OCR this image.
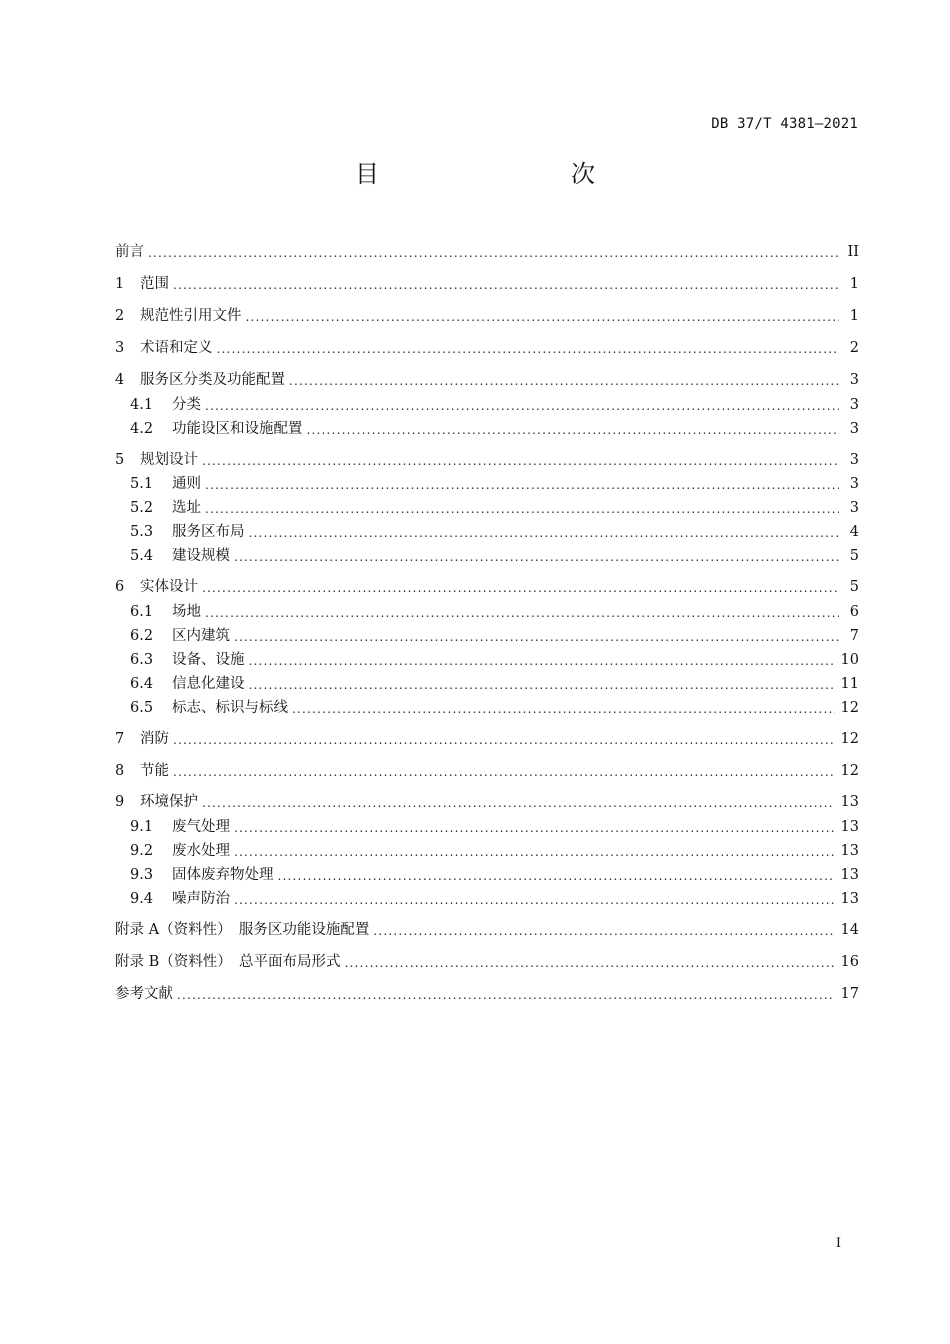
DB 37/T 4381—2021
目　　次
前言 .....	II
1	范围 .....	1
2	规范性引用文件 .....	1
3	术语和定义 .....	2
4	服务区分类及功能配置 .....	3
4.1	分类 .....	3
4.2	功能设区和设施配置 .....	3
5	规划设计 .....	3
5.1	通则 .....	3
5.2	选址 .....	3
5.3	服务区布局 .....	4
5.4	建设规模 .....	5
6	实体设计 .....	5
6.1	场地 .....	6
6.2	区内建筑 .....	7
6.3	设备、设施 .....	10
6.4	信息化建设 .....	11
6.5	标志、标识与标线 .....	12
7	消防 .....	12
8	节能 .....	12
9	环境保护 .....	13
9.1	废气处理 .....	13
9.2	废水处理 .....	13
9.3	固体废弃物处理 .....	13
9.4	噪声防治 .....	13
附录 A（资料性）　服务区功能设施配置 .....	14
附录 B（资料性）　总平面布局形式 .....	16
参考文献 .....	17
I
